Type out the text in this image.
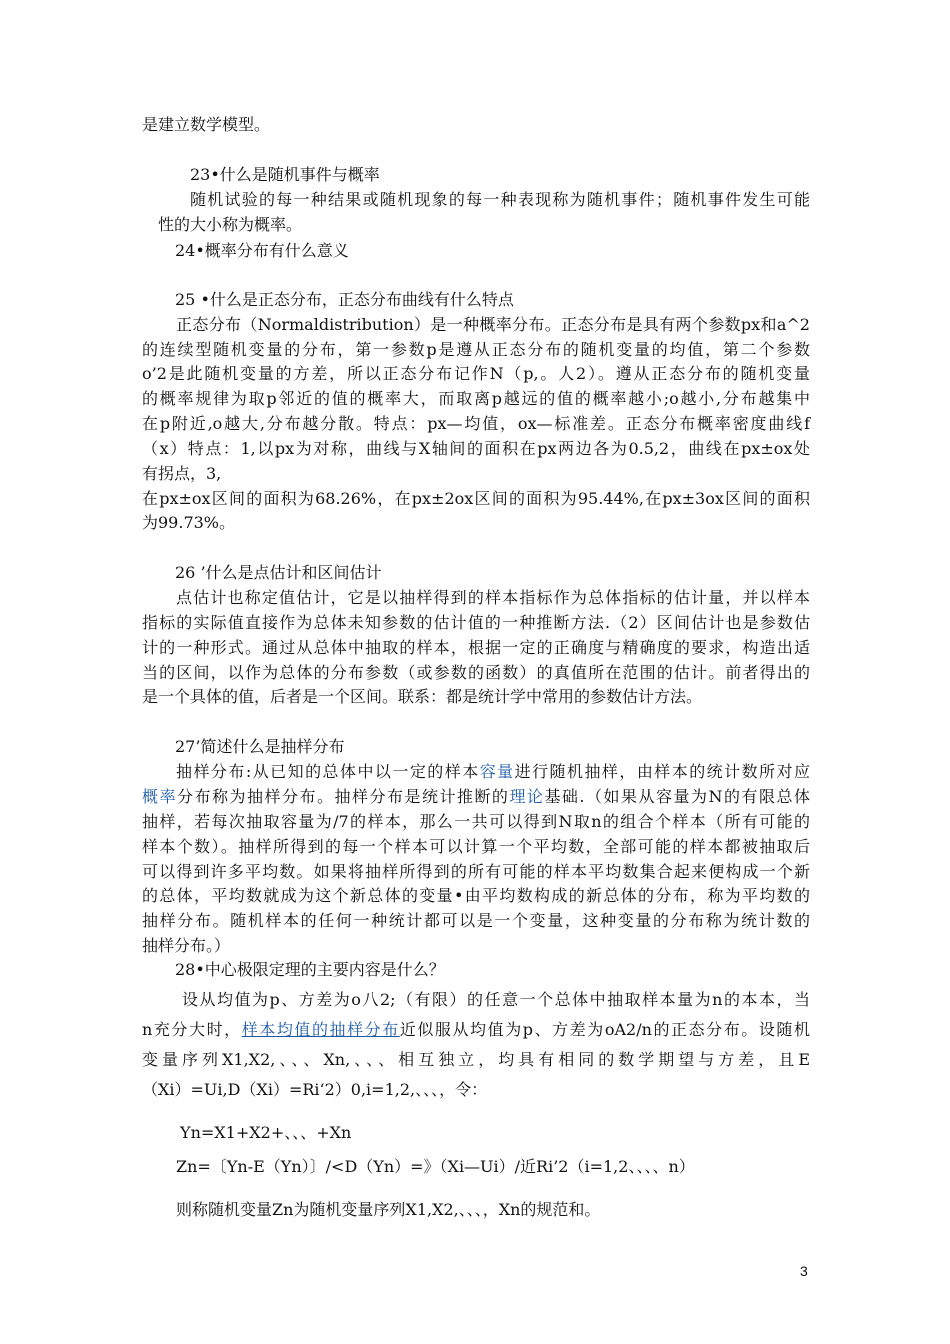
是建立数学模型。
23•什么是随机事件与概率
随机试验的每一种结果或随机现象的每一种表现称为随机事件；随机事件发生可能
性的大小称为概率。
24•概率分布有什么意义
25 •什么是正态分布，正态分布曲线有什么特点
正态分布（Normaldistribution）是一种概率分布。正态分布是具有两个参数px和a^2
的连续型随机变量的分布，第一参数p是遵从正态分布的随机变量的均值，第二个参数
o’2是此随机变量的方差，所以正态分布记作N（p,。人2）。遵从正态分布的随机变量
的概率规律为取p邻近的值的概率大，而取离p越远的值的概率越小;o越小,分布越集中
在p附近,o越大,分布越分散。特点：px—均值，ox—标准差。正态分布概率密度曲线f
（x）特点：1,以px为对称，曲线与X轴间的面积在px两边各为0.5,2，曲线在px±ox处
有拐点，3,
在px±ox区间的面积为68.26%，在px±2ox区间的面积为95.44%,在px±3ox区间的面积
为99.73%。
26 ’什么是点估计和区间估计
点估计也称定值估计，它是以抽样得到的样本指标作为总体指标的估计量，并以样本
指标的实际值直接作为总体未知参数的估计值的一种推断方法.（2）区间估计也是参数估
计的一种形式。通过从总体中抽取的样本，根据一定的正确度与精确度的要求，构造出适
当的区间，以作为总体的分布参数（或参数的函数）的真值所在范围的估计。前者得出的
是一个具体的值，后者是一个区间。联系：都是统计学中常用的参数估计方法。
27’简述什么是抽样分布
抽样分布:从已知的总体中以一定的样本容量进行随机抽样，由样本的统计数所对应
概率分布称为抽样分布。抽样分布是统计推断的理论基础.（如果从容量为N的有限总体
抽样，若每次抽取容量为/7的样本，那么一共可以得到N取n的组合个样本（所有可能的
样本个数）。抽样所得到的每一个样本可以计算一个平均数，全部可能的样本都被抽取后
可以得到许多平均数。如果将抽样所得到的所有可能的样本平均数集合起来便构成一个新
的总体，平均数就成为这个新总体的变量•由平均数构成的新总体的分布，称为平均数的
抽样分布。随机样本的任何一种统计都可以是一个变量，这种变量的分布称为统计数的
抽样分布。）
28•中心极限定理的主要内容是什么？
设从均值为p、方差为o八2;（有限）的任意一个总体中抽取样本量为n的本本，当
n充分大时，样本均值的抽样分布近似服从均值为p、方差为oA2/n的正态分布。设随机
变量序列X1,X2,、、、Xn,、、、相互独立，均具有相同的数学期望与方差，且E
（Xi）=Ui,D（Xi）=Ri‘2）0,i=1,2,、、、，令：
Yn=X1+X2+、、、+Xn
Zn=〔Yn-E（Yn）〕/<D（Yn）=》（Xi—Ui）/近Ri’2（i=1,2、、、、n）
则称随机变量Zn为随机变量序列X1,X2,、、、，Xn的规范和。
3
